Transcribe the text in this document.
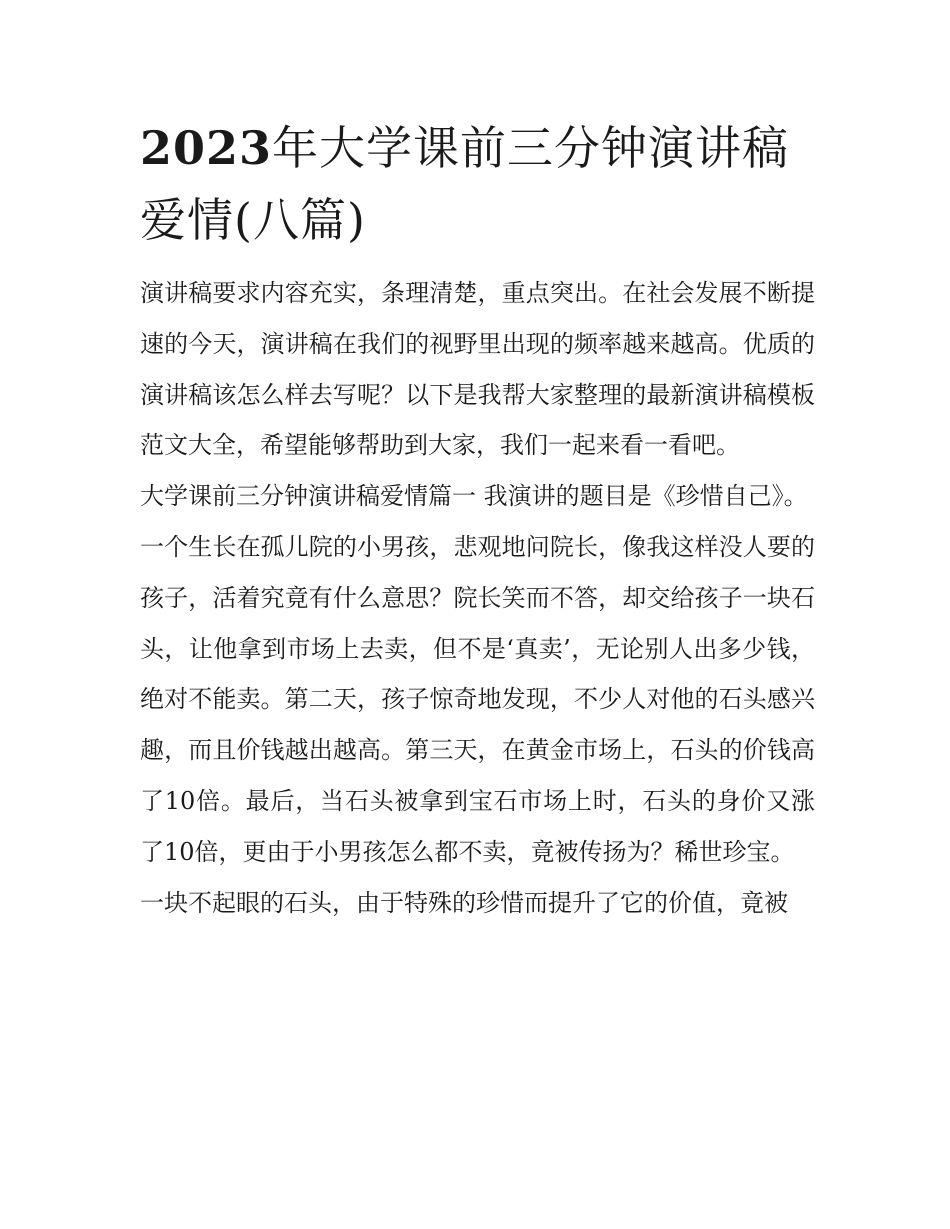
2023年大学课前三分钟演讲稿爱情(八篇)

演讲稿要求内容充实，条理清楚，重点突出。在社会发展不断提速的今天，演讲稿在我们的视野里出现的频率越来越高。优质的演讲稿该怎么样去写呢？以下是我帮大家整理的最新演讲稿模板范文大全，希望能够帮助到大家，我们一起来看一看吧。

大学课前三分钟演讲稿爱情篇一 我演讲的题目是《珍惜自己》。

一个生长在孤儿院的小男孩，悲观地问院长，像我这样没人要的孩子，活着究竟有什么意思？院长笑而不答，却交给孩子一块石头，让他拿到市场上去卖，但不是‘真卖’，无论别人出多少钱，绝对不能卖。第二天，孩子惊奇地发现，不少人对他的石头感兴趣，而且价钱越出越高。第三天，在黄金市场上，石头的价钱高了10倍。最后，当石头被拿到宝石市场上时，石头的身价又涨了10倍，更由于小男孩怎么都不卖，竟被传扬为？稀世珍宝。

一块不起眼的石头，由于特殊的珍惜而提升了它的价值，竟被
